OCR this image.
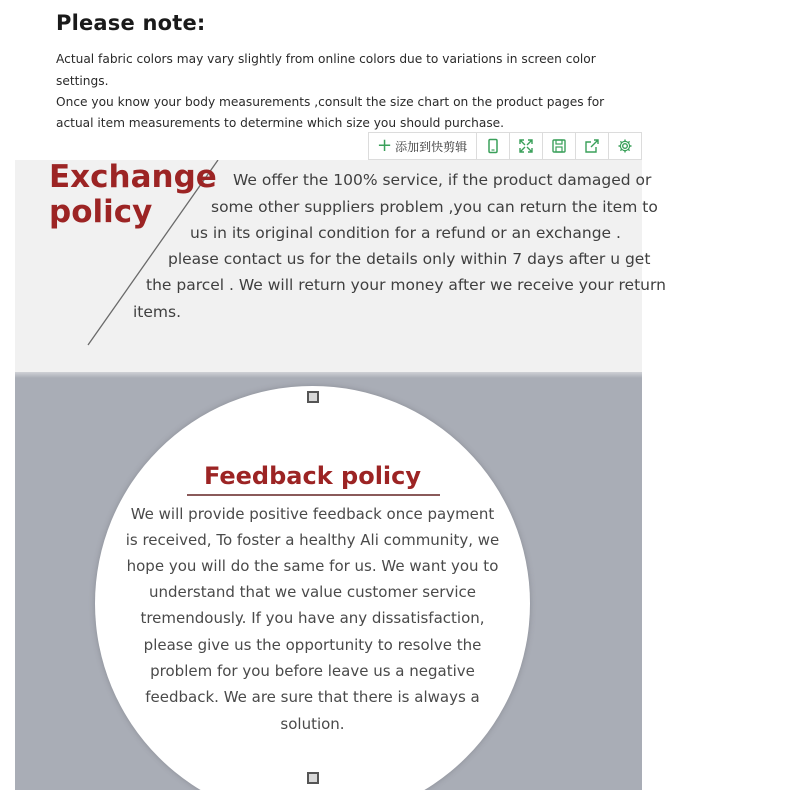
Please note:
Actual fabric colors may vary slightly from online colors due to variations in screen color
settings.
Once you know your body measurements ,consult the size chart on the product pages for
actual item measurements to determine which size you should purchase.
+ 添加到快剪辑
Exchange
policy
We offer the 100% service, if the product damaged or
some other suppliers problem ,you can return the item to
us in its original condition for a refund or an exchange .
please contact us for the details only within 7 days after u get
the parcel . We will return your money after we receive your return
items.
Feedback policy
We will provide positive feedback once payment
is received, To foster a healthy Ali community, we
hope you will do the same for us. We want you to
understand that we value customer service
tremendously. If you have any dissatisfaction,
please give us the opportunity to resolve the
problem for you before leave us a negative
feedback. We are sure that there is always a
solution.
